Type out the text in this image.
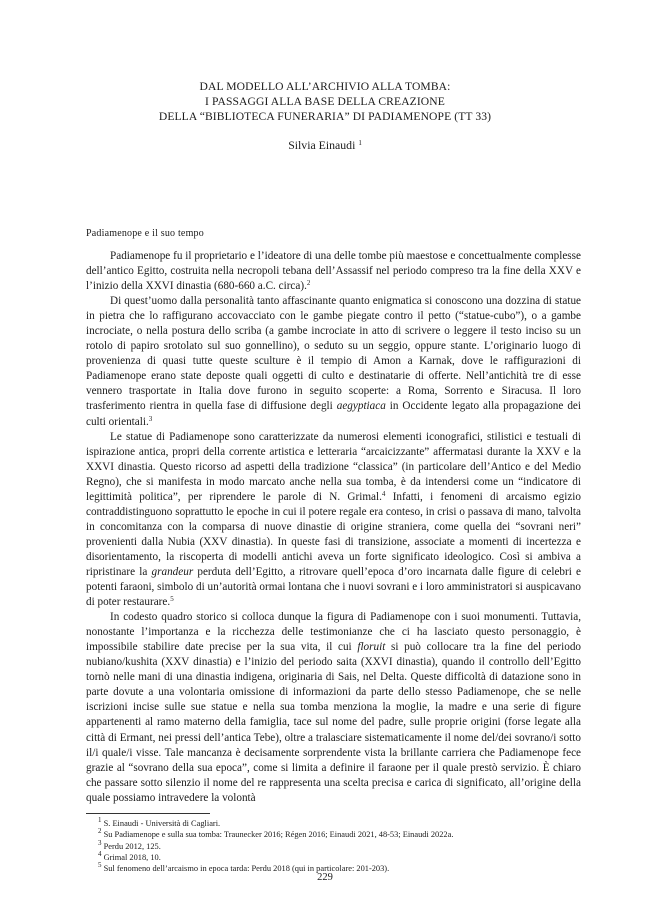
DAL MODELLO ALL’ARCHIVIO ALLA TOMBA:
I PASSAGGI ALLA BASE DELLA CREAZIONE
DELLA “BIBLIOTECA FUNERARIA” DI PADIAMENOPE (TT 33)
Silvia Einaudi $^1$
Padiamenope e il suo tempo

Padiamenope fu il proprietario e l’ideatore di una delle tombe più maestose e concettualmente complesse dell’antico Egitto, costruita nella necropoli tebana dell’Assassif nel periodo compreso tra la fine della XXV e l’inizio della XXVI dinastia (680-660 a.C. circa).$^2$

Di quest’uomo dalla personalità tanto affascinante quanto enigmatica si conoscono una dozzina di statue in pietra che lo raffigurano accovacciato con le gambe piegate contro il petto (“statue-cubo”), o a gambe incrociate, o nella postura dello scriba (a gambe incrociate in atto di scrivere o leggere il testo inciso su un rotolo di papiro srotolato sul suo gonnellino), o seduto su un seggio, oppure stante. L’originario luogo di provenienza di quasi tutte queste sculture è il tempio di Amon a Karnak, dove le raffigurazioni di Padiamenope erano state deposte quali oggetti di culto e destinatarie di offerte. Nell’antichità tre di esse vennero trasportate in Italia dove furono in seguito scoperte: a Roma, Sorrento e Siracusa. Il loro trasferimento rientra in quella fase di diffusione degli aegyptiaca in Occidente legato alla propagazione dei culti orientali.$^3$

Le statue di Padiamenope sono caratterizzate da numerosi elementi iconografici, stilistici e testuali di ispirazione antica, propri della corrente artistica e letteraria “arcaicizzante” affermatasi durante la XXV e la XXVI dinastia. Questo ricorso ad aspetti della tradizione “classica” (in particolare dell’Antico e del Medio Regno), che si manifesta in modo marcato anche nella sua tomba, è da intendersi come un “indicatore di legittimità politica”, per riprendere le parole di N. Grimal.$^4$ Infatti, i fenomeni di arcaismo egizio contraddistinguono soprattutto le epoche in cui il potere regale era conteso, in crisi o passava di mano, talvolta in concomitanza con la comparsa di nuove dinastie di origine straniera, come quella dei “sovrani neri” provenienti dalla Nubia (XXV dinastia). In queste fasi di transizione, associate a momenti di incertezza e disorientamento, la riscoperta di modelli antichi aveva un forte significato ideologico. Così si ambiva a ripristinare la grandeur perduta dell’Egitto, a ritrovare quell’epoca d’oro incarnata dalle figure di celebri e potenti faraoni, simbolo di un’autorità ormai lontana che i nuovi sovrani e i loro amministratori si auspicavano di poter restaurare.$^5$

In codesto quadro storico si colloca dunque la figura di Padiamenope con i suoi monumenti. Tuttavia, nonostante l’importanza e la ricchezza delle testimonianze che ci ha lasciato questo personaggio, è impossibile stabilire date precise per la sua vita, il cui floruit si può collocare tra la fine del periodo nubiano/kushita (XXV dinastia) e l’inizio del periodo saita (XXVI dinastia), quando il controllo dell’Egitto tornò nelle mani di una dinastia indigena, originaria di Sais, nel Delta. Queste difficoltà di datazione sono in parte dovute a una volontaria omissione di informazioni da parte dello stesso Padiamenope, che se nelle iscrizioni incise sulle sue statue e nella sua tomba menziona la moglie, la madre e una serie di figure appartenenti al ramo materno della famiglia, tace sul nome del padre, sulle proprie origini (forse legate alla città di Ermant, nei pressi dell’antica Tebe), oltre a tralasciare sistematicamente il nome del/dei sovrano/i sotto il/i quale/i visse. Tale mancanza è decisamente sorprendente vista la brillante carriera che Padiamenope fece grazie al “sovrano della sua epoca”, come si limita a definire il faraone per il quale prestò servizio. È chiaro che passare sotto silenzio il nome del re rappresenta una scelta precisa e carica di significato, all’origine della quale possiamo intravedere la volontà

$^1$ S. Einaudi - Università di Cagliari.
$^2$ Su Padiamenope e sulla sua tomba: Traunecker 2016; Régen 2016; Einaudi 2021, 48-53; Einaudi 2022a.
$^3$ Perdu 2012, 125.
$^4$ Grimal 2018, 10.
$^5$ Sul fenomeno dell’arcaismo in epoca tarda: Perdu 2018 (qui in particolare: 201-203).
229
